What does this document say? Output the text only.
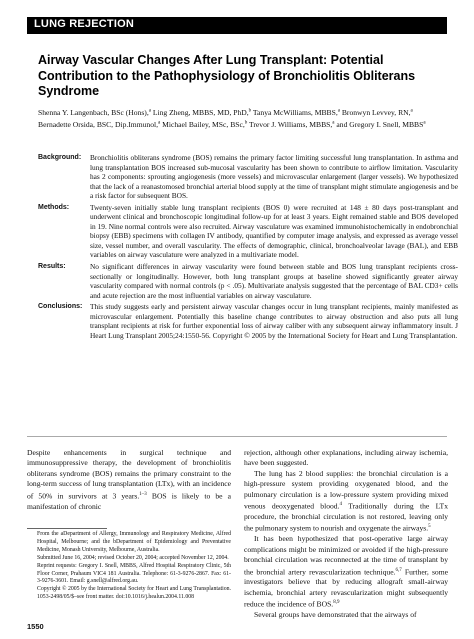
LUNG REJECTION
Airway Vascular Changes After Lung Transplant: Potential Contribution to the Pathophysiology of Bronchiolitis Obliterans Syndrome
Shenna Y. Langenbach, BSc (Hons),$^a$ Ling Zheng, MBBS, MD, PhD,$^b$ Tanya McWilliams, MBBS,$^a$ Bronwyn Levvey, RN,$^a$ Bernadette Orsida, BSC, Dip.Immunol,$^a$ Michael Bailey, MSc, BSc,$^b$ Trevor J. Williams, MBBS,$^a$ and Gregory I. Snell, MBBS$^a$
Background:	Bronchiolitis obliterans syndrome (BOS) remains the primary factor limiting successful lung transplantation. In asthma and lung transplantation BOS increased sub-mucosal vascularity has been shown to contribute to airflow limitation. Vascularity has 2 components: sprouting angiogenesis (more vessels) and microvascular enlargement (larger vessels). We hypothesized that the lack of a reanastomosed bronchial arterial blood supply at the time of transplant might stimulate angiogenesis and be a risk factor for subsequent BOS.
Methods:	Twenty-seven initially stable lung transplant recipients (BOS 0) were recruited at 148 ± 80 days post-transplant and underwent clinical and bronchoscopic longitudinal follow-up for at least 3 years. Eight remained stable and BOS developed in 19. Nine normal controls were also recruited. Airway vasculature was examined immunohistochemically in endobronchial biopsy (EBB) specimens with collagen IV antibody, quantified by computer image analysis, and expressed as average vessel size, vessel number, and overall vascularity. The effects of demographic, clinical, bronchoalveolar lavage (BAL), and EBB variables on airway vasculature were analyzed in a multivariate model.
Results:	No significant differences in airway vascularity were found between stable and BOS lung transplant recipients cross-sectionally or longitudinally. However, both lung transplant groups at baseline showed significantly greater airway vascularity compared with normal controls (p < .05). Multivariate analysis suggested that the percentage of BAL CD3+ cells and acute rejection are the most influential variables on airway vasculature.
Conclusions:	This study suggests early and persistent airway vascular changes occur in lung transplant recipients, mainly manifested as microvascular enlargement. Potentially this baseline change contributes to airway obstruction and also puts all lung transplant recipients at risk for further exponential loss of airway caliber with any subsequent airway inflammatory insult. J Heart Lung Transplant 2005;24:1550-56. Copyright © 2005 by the International Society for Heart and Lung Transplantation.

Despite enhancements in surgical technique and immunosuppressive therapy, the development of bronchiolitis obliterans syndrome (BOS) remains the primary constraint to the long-term success of lung transplantation (LTx), with an incidence of 50% in survivors at 3 years.$^{1-3}$ BOS is likely to be a manifestation of chronic

From the aDepartment of Allergy, Immunology and Respiratory Medicine, Alfred Hospital, Melbourne; and the bDepartment of Epidemiology and Preventative Medicine, Monash University, Melbourne, Australia.

Submitted June 16, 2004; revised October 20, 2004; accepted November 12, 2004.

Reprint requests: Gregory I. Snell, MBBS, Alfred Hospital Respiratory Clinic, 5th Floor Corner, Prahaum VIC4 181 Australia. Telephone: 61-3-9276-2867. Fax: 61-3-9276-3601. Email: g.snell@alfred.org.au.

Copyright © 2005 by the International Society for Heart and Lung Transplantation. 1053-2498/05/$–see front matter. doi:10.1016/j.healun.2004.11.008

rejection, although other explanations, including airway ischemia, have been suggested.

The lung has 2 blood supplies: the bronchial circulation is a high-pressure system providing oxygenated blood, and the pulmonary circulation is a low-pressure system providing mixed venous deoxygenated blood.$^4$ Traditionally during the LTx procedure, the bronchial circulation is not restored, leaving only the pulmonary system to nourish and oxygenate the airways.$^5$

It has been hypothesized that post-operative large airway complications might be minimized or avoided if the high-pressure bronchial circulation was reconnected at the time of transplant by the bronchial artery revascularization technique.$^{6,7}$ Further, some investigators believe that by reducing allograft small-airway ischemia, bronchial artery revascularization might subsequently reduce the incidence of BOS.$^{8,9}$

Several groups have demonstrated that the airways of

1550
